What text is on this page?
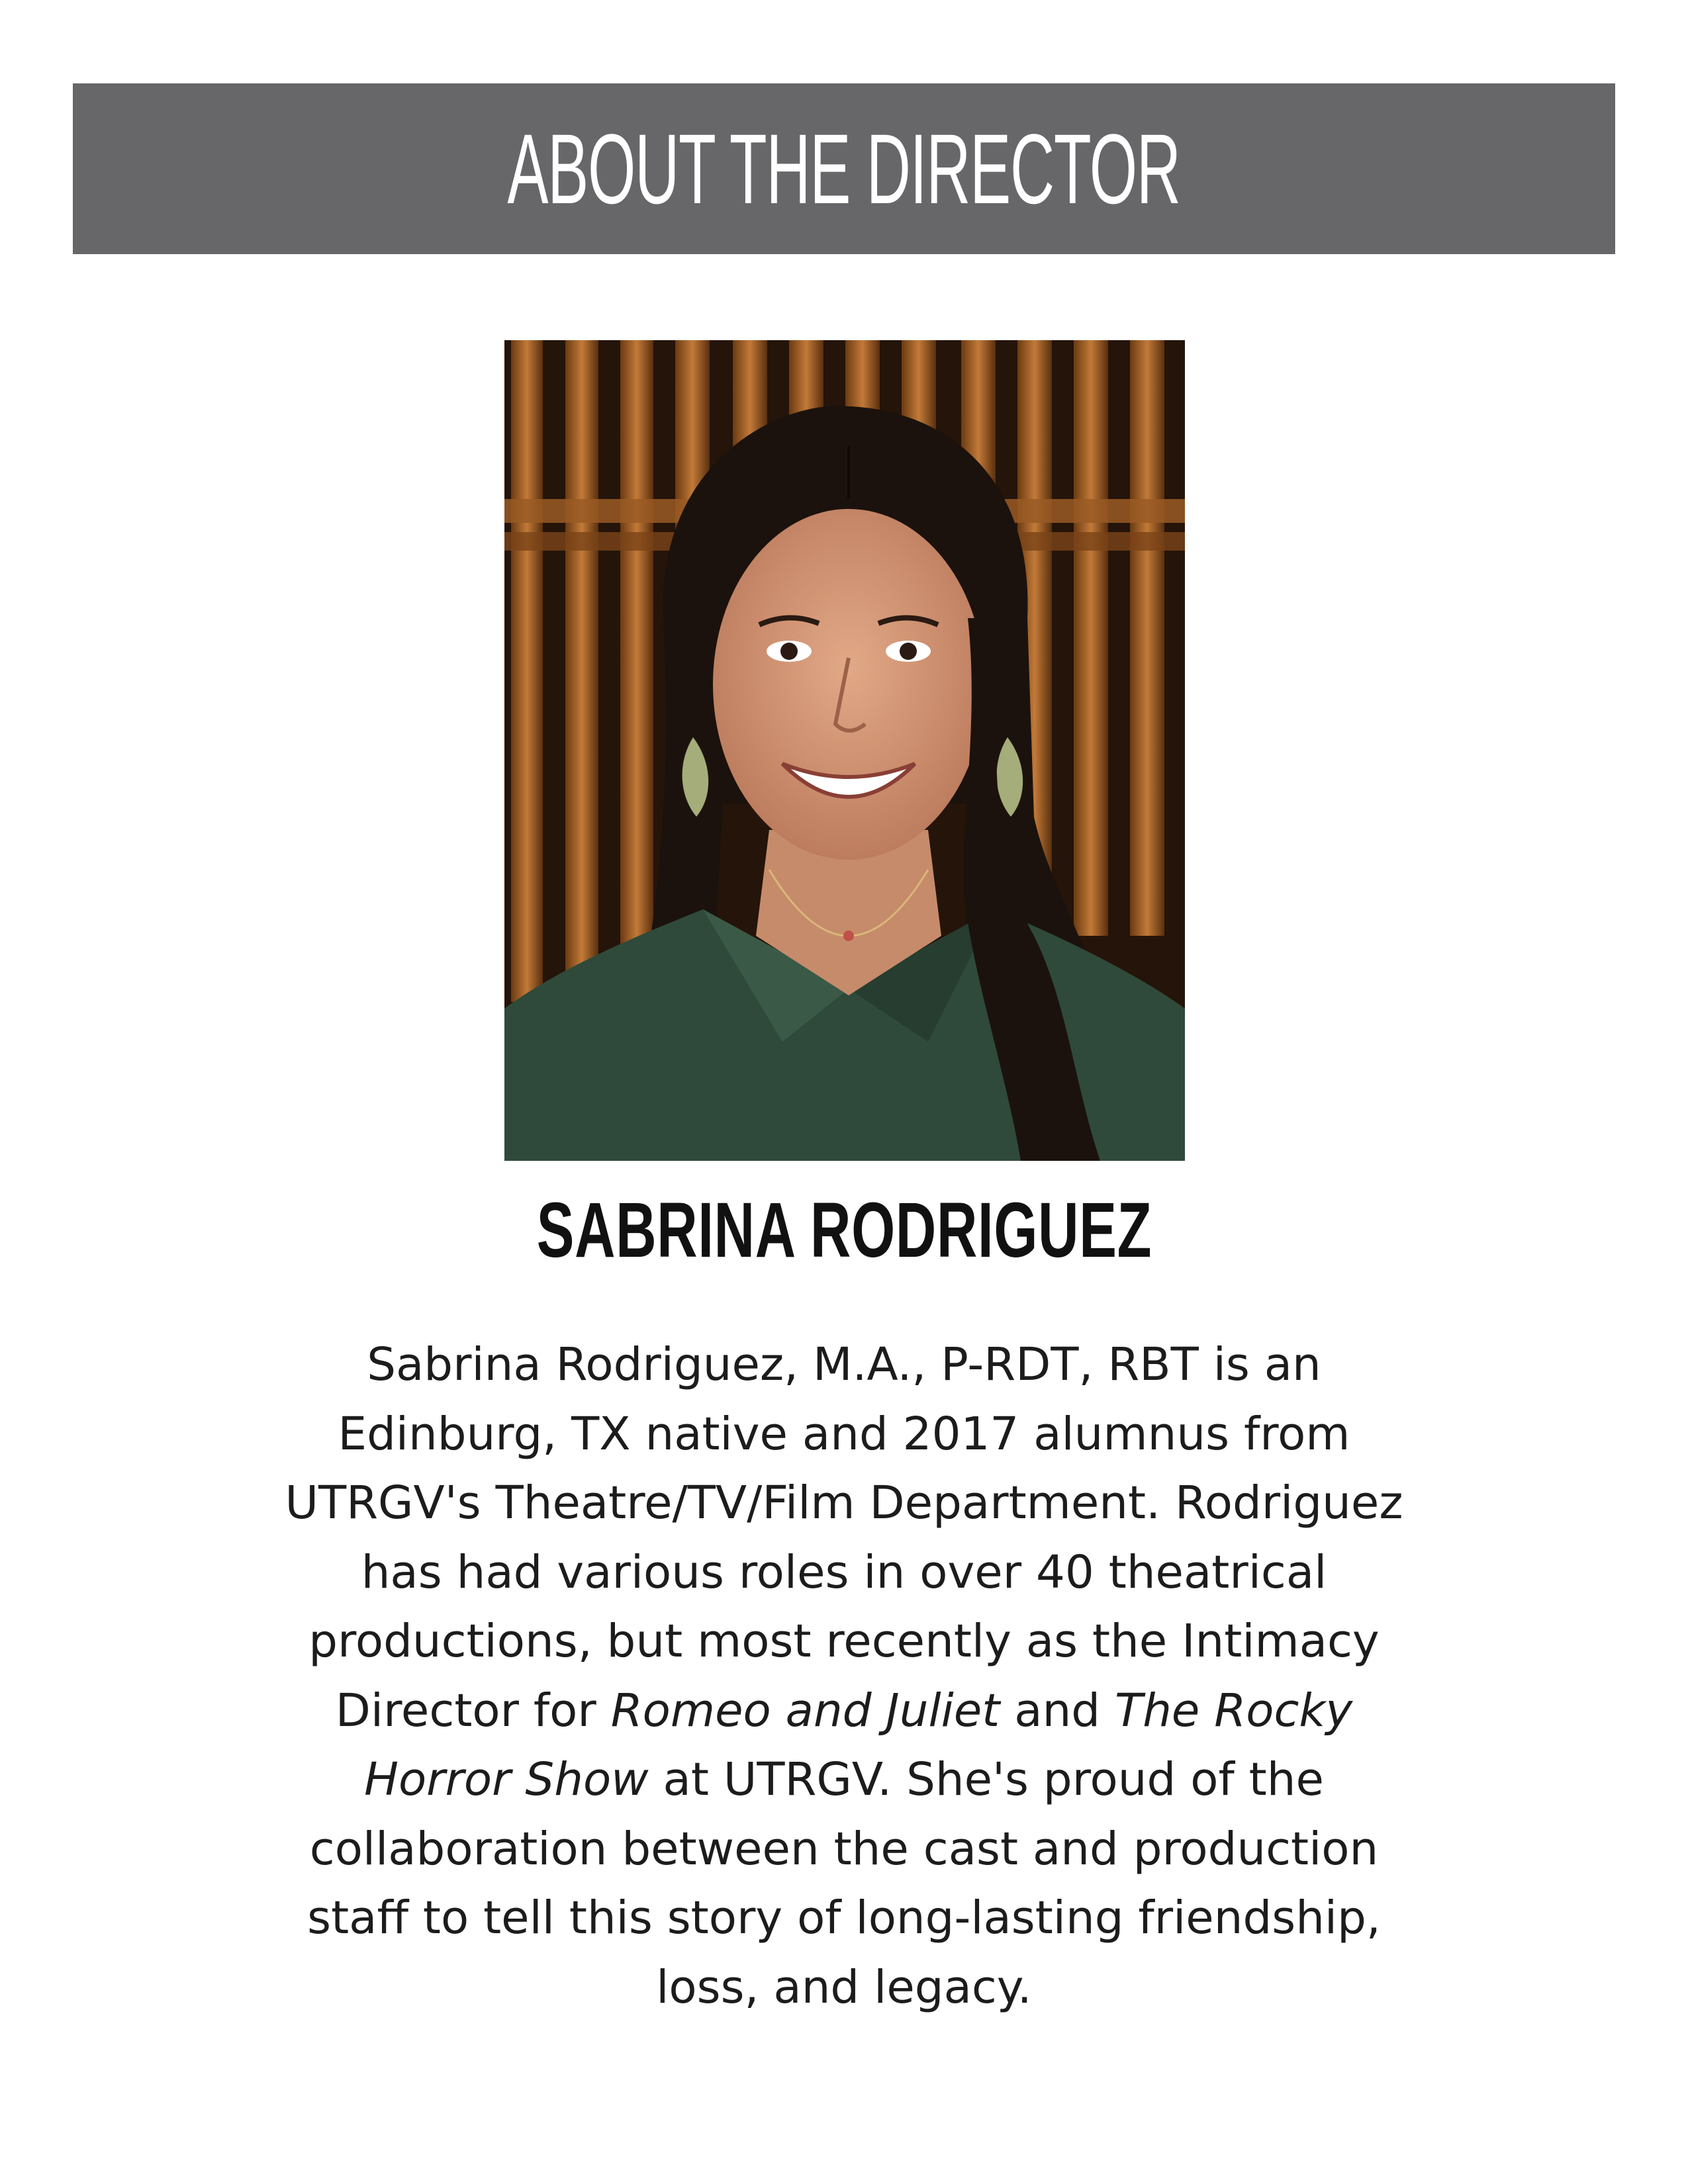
ABOUT THE DIRECTOR
SABRINA RODRIGUEZ
Sabrina Rodriguez, M.A., P-RDT, RBT is an
Edinburg, TX native and 2017 alumnus from
UTRGV's Theatre/TV/Film Department. Rodriguez
has had various roles in over 40 theatrical
productions, but most recently as the Intimacy
Director for Romeo and Juliet and The Rocky
Horror Show at UTRGV. She's proud of the
collaboration between the cast and production
staff to tell this story of long-lasting friendship,
loss, and legacy.
